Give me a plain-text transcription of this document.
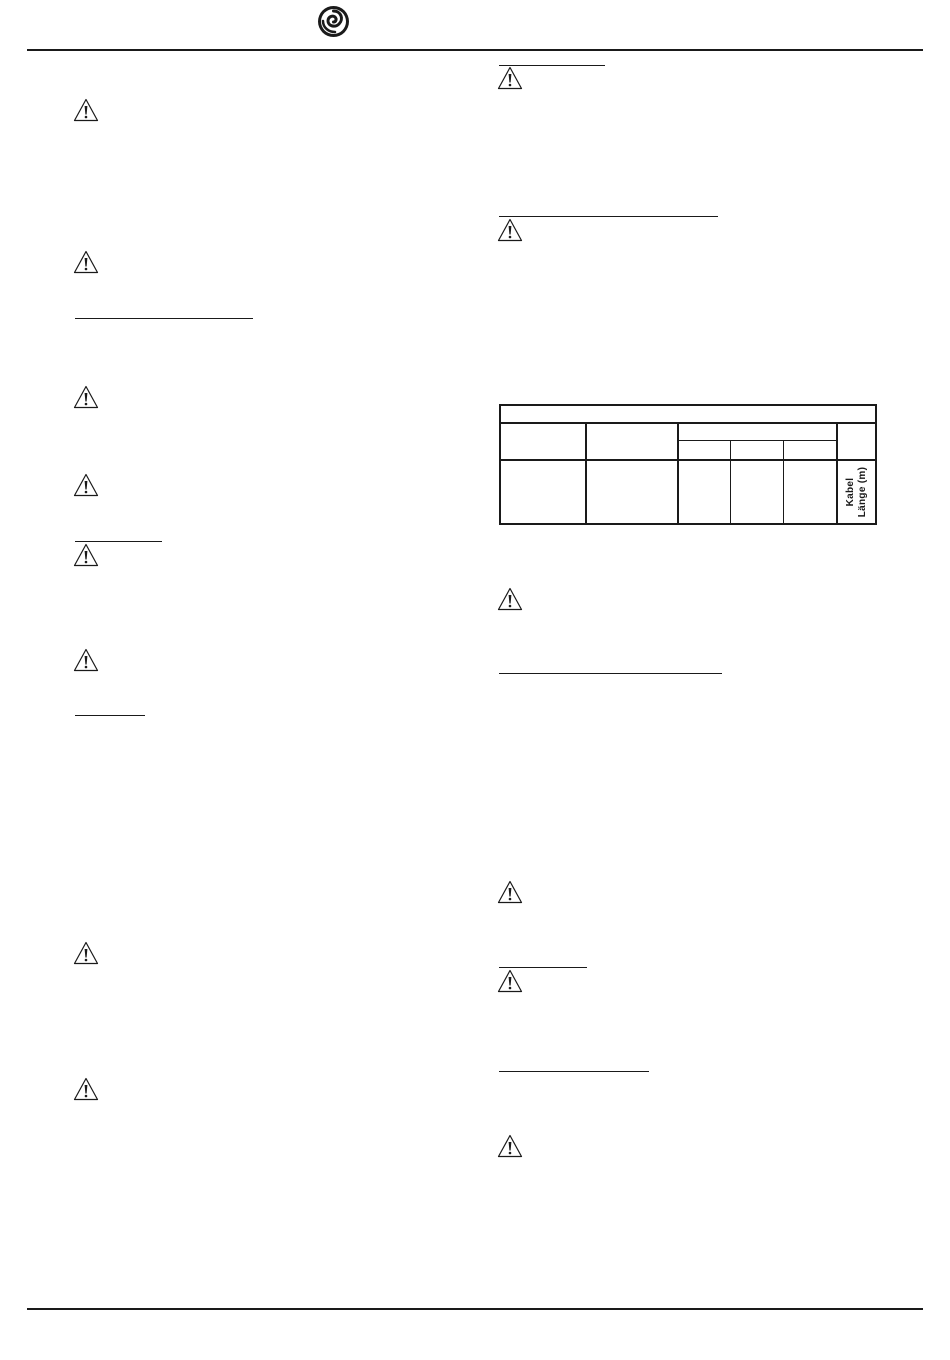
Kabel Länge (m)
